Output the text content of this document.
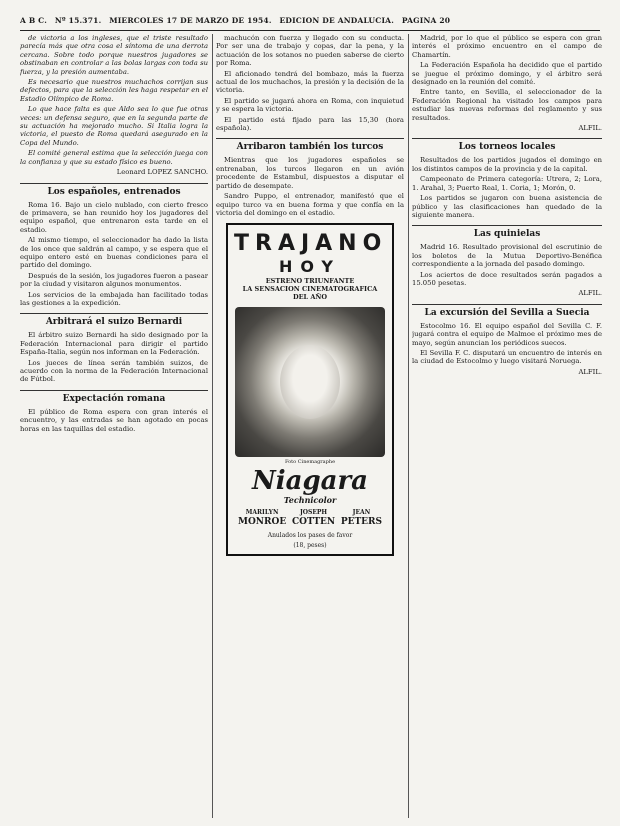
A B C. Nº 15.371. MIERCOLES 17 DE MARZO DE 1954. EDICION DE ANDALUCIA. PAGINA 20

de victoria a los ingleses, que el triste resultado parecía más que otra cosa el síntoma de una derrota cercana. Sobre todo porque nuestros jugadores se obstinaban en controlar a las bolas largas con toda su fuerza, y la presión aumentaba.

Es necesario que nuestros muchachos corrijan sus defectos, para que la selección les haga respetar en el Estadio Olímpico de Roma.

Lo que hace falta es que Aldo sea lo que fue otras veces: un defensa seguro, que en la segunda parte de su actuación ha mejorado mucho. Si Italia logra la victoria, el puesto de Roma quedará asegurado en la Copa del Mundo.

El comité general estima que la selección juega con la confianza y que su estado físico es bueno.

Leonard LOPEZ SANCHO.

Los españoles, entrenados

Roma 16. Bajo un cielo nublado, con cierto fresco de primavera, se han reunido hoy los jugadores del equipo español, que entrenaron esta tarde en el estadio.

Al mismo tiempo, el seleccionador ha dado la lista de los once que saldrán al campo, y se espera que el equipo entero esté en buenas condiciones para el partido del domingo.

Después de la sesión, los jugadores fueron a pasear por la ciudad y visitaron algunos monumentos.

Los servicios de la embajada han facilitado todas las gestiones a la expedición.

Arbitrará el suizo Bernardi

El árbitro suizo Bernardi ha sido designado por la Federación Internacional para dirigir el partido España-Italia, según nos informan en la Federación.

Los jueces de línea serán también suizos, de acuerdo con la norma de la Federación Internacional de Fútbol.

Expectación romana

El público de Roma espera con gran interés el encuentro, y las entradas se han agotado en pocas horas en las taquillas del estadio.

machucón con fuerza y llegado con su conducta. Por ser una de trabajo y copas, dar la pena, y la actuación de los sotanos no pueden saberse de cierto por Roma.

El aficionado tendrá del bombazo, más la fuerza actual de los muchachos, la presión y la decisión de la victoria.

El partido se jugará ahora en Roma, con inquietud y se espera la victoria.

El partido está fijado para las 15,30 (hora española).

Arribaron también los turcos

Mientras que los jugadores españoles se entrenaban, los turcos llegaron en un avión procedente de Estambul, dispuestos a disputar el partido de desempate.

Sandro Puppo, el entrenador, manifestó que el equipo turco va en buena forma y que confía en la victoria del domingo en el estadio.

TRAJANO
HOY
ESTRENO TRIUNFANTE
LA SENSACION CINEMATOGRAFICA
DEL AÑO
Foto Cinemagraphe
Niagara
Technicolor
MARILYN
MONROE
JOSEPH
COTTEN
JEAN
PETERS
Anulados los pases de favor
(18, peses)

Madrid, por lo que el público se espera con gran interés el próximo encuentro en el campo de Chamartín.

La Federación Española ha decidido que el partido se juegue el próximo domingo, y el árbitro será designado en la reunión del comité.

Entre tanto, en Sevilla, el seleccionador de la Federación Regional ha visitado los campos para estudiar las nuevas reformas del reglamento y sus resultados.

ALFIL.

Los torneos locales

Resultados de los partidos jugados el domingo en los distintos campos de la provincia y de la capital.

Campeonato de Primera categoría: Utrera, 2; Lora, 1. Arahal, 3; Puerto Real, 1. Coria, 1; Morón, 0.

Los partidos se jugaron con buena asistencia de público y las clasificaciones han quedado de la siguiente manera.

Las quinielas

Madrid 16. Resultado provisional del escrutinio de los boletos de la Mutua Deportivo-Benéfica correspondiente a la jornada del pasado domingo.

Los aciertos de doce resultados serán pagados a 15.050 pesetas.

ALFIL.

La excursión del Sevilla a Suecia

Estocolmo 16. El equipo español del Sevilla C. F. jugará contra el equipo de Malmoe el próximo mes de mayo, según anuncian los periódicos suecos.

El Sevilla F. C. disputará un encuentro de interés en la ciudad de Estocolmo y luego visitará Noruega.

ALFIL.
